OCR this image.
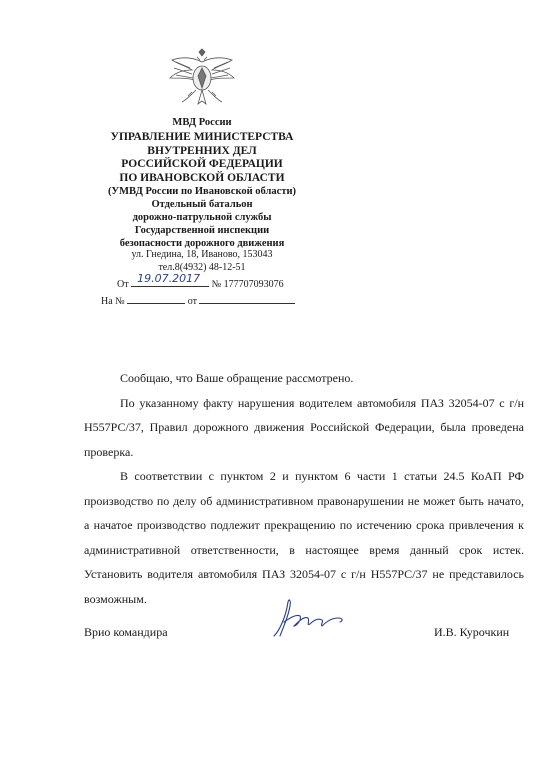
МВД России
УПРАВЛЕНИЕ МИНИСТЕРСТВА
ВНУТРЕННИХ ДЕЛ
РОССИЙСКОЙ ФЕДЕРАЦИИ
ПО ИВАНОВСКОЙ ОБЛАСТИ
(УМВД России по Ивановской области)
Отдельный батальон
дорожно-патрульной службы
Государственной инспекции
безопасности дорожного движения
ул. Гнедина, 18, Иваново, 153043
тел.8(4932) 48-12-51
От 19.07.2017 № 177707093076
На №	от

Сообщаю, что Ваше обращение рассмотрено.

По указанному факту нарушения водителем автомобиля ПАЗ 32054-07 с г/н Н557РС/37, Правил дорожного движения Российской Федерации, была проведена проверка.

В соответствии с пунктом 2 и пунктом 6 части 1 статьи 24.5 КоАП РФ производство по делу об административном правонарушении не может быть начато, а начатое производство подлежит прекращению по истечению срока привлечения к административной ответственности, в настоящее время данный срок истек. Установить водителя автомобиля ПАЗ 32054-07 с г/н Н557РС/37 не представилось возможным.

Врио командира	И.В. Курочкин
